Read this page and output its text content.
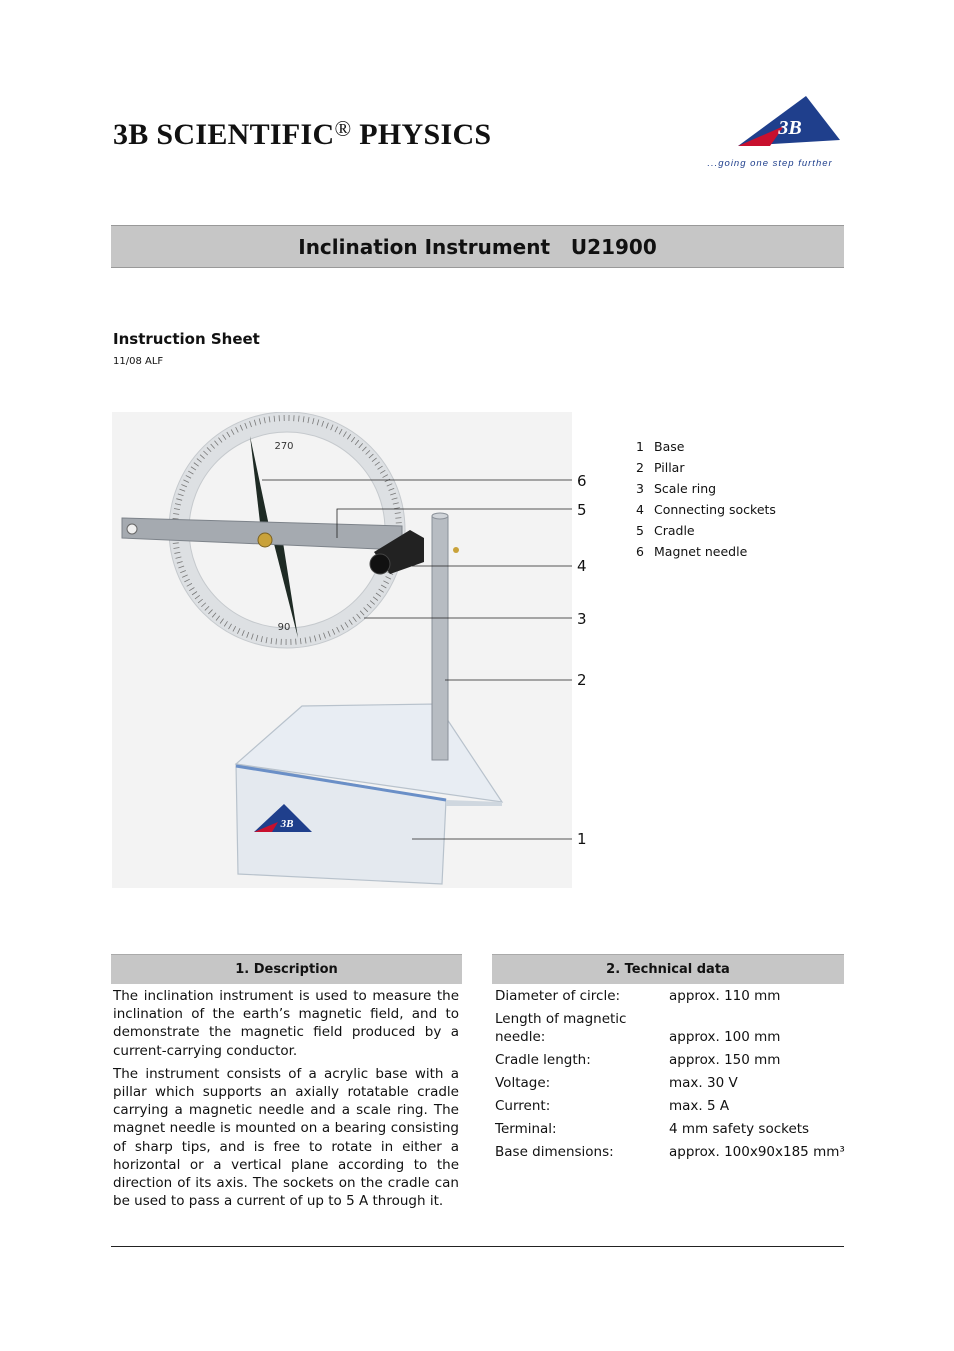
3B SCIENTIFIC® PHYSICS	3B
...going one step further
Inclination Instrument   U21900
Instruction Sheet
11/08 ALF
3B
270
90
6
5
4
3
2
1
1 Base
2 Pillar
3 Scale ring
4 Connecting sockets
5 Cradle
6 Magnet needle
1. Description	2. Technical data

The inclination instrument is used to measure the inclination of the earth’s magnetic field, and to demonstrate the magnetic field produced by a current-carrying conductor.

The instrument consists of a acrylic base with a pillar which supports an axially rotatable cradle carrying a magnetic needle and a scale ring. The magnet needle is mounted on a bearing consisting of sharp tips, and is free to rotate in either a horizontal or a vertical plane according to the direction of its axis. The sockets on the cradle can be used to pass a current of up to 5 A through it.

Diameter of circle:	approx. 110 mm
Length of magnetic needle:	approx. 100 mm
Cradle length:	approx. 150 mm
Voltage:	max. 30 V
Current:	max. 5 A
Terminal:	4 mm safety sockets
Base dimensions:	approx. 100x90x185 mm³
